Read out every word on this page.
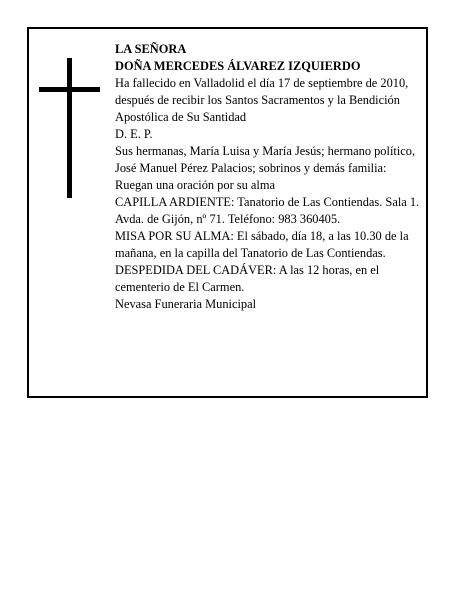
LA SEÑORA

DOÑA MERCEDES ÁLVAREZ IZQUIERDO

Ha fallecido en Valladolid el día 17 de septiembre de 2010, después de recibir los Santos Sacramentos y la Bendición Apostólica de Su Santidad

D. E. P.

Sus hermanas, María Luisa y María Jesús; hermano político, José Manuel Pérez Palacios; sobrinos y demás familia:

Ruegan una oración por su alma

CAPILLA ARDIENTE: Tanatorio de Las Contiendas. Sala 1. Avda. de Gijón, nº 71. Teléfono: 983 360405.

MISA POR SU ALMA: El sábado, día 18, a las 10.30 de la mañana, en la capilla del Tanatorio de Las Contiendas.

DESPEDIDA DEL CADÁVER: A las 12 horas, en el cementerio de El Carmen.

Nevasa Funeraria Municipal
